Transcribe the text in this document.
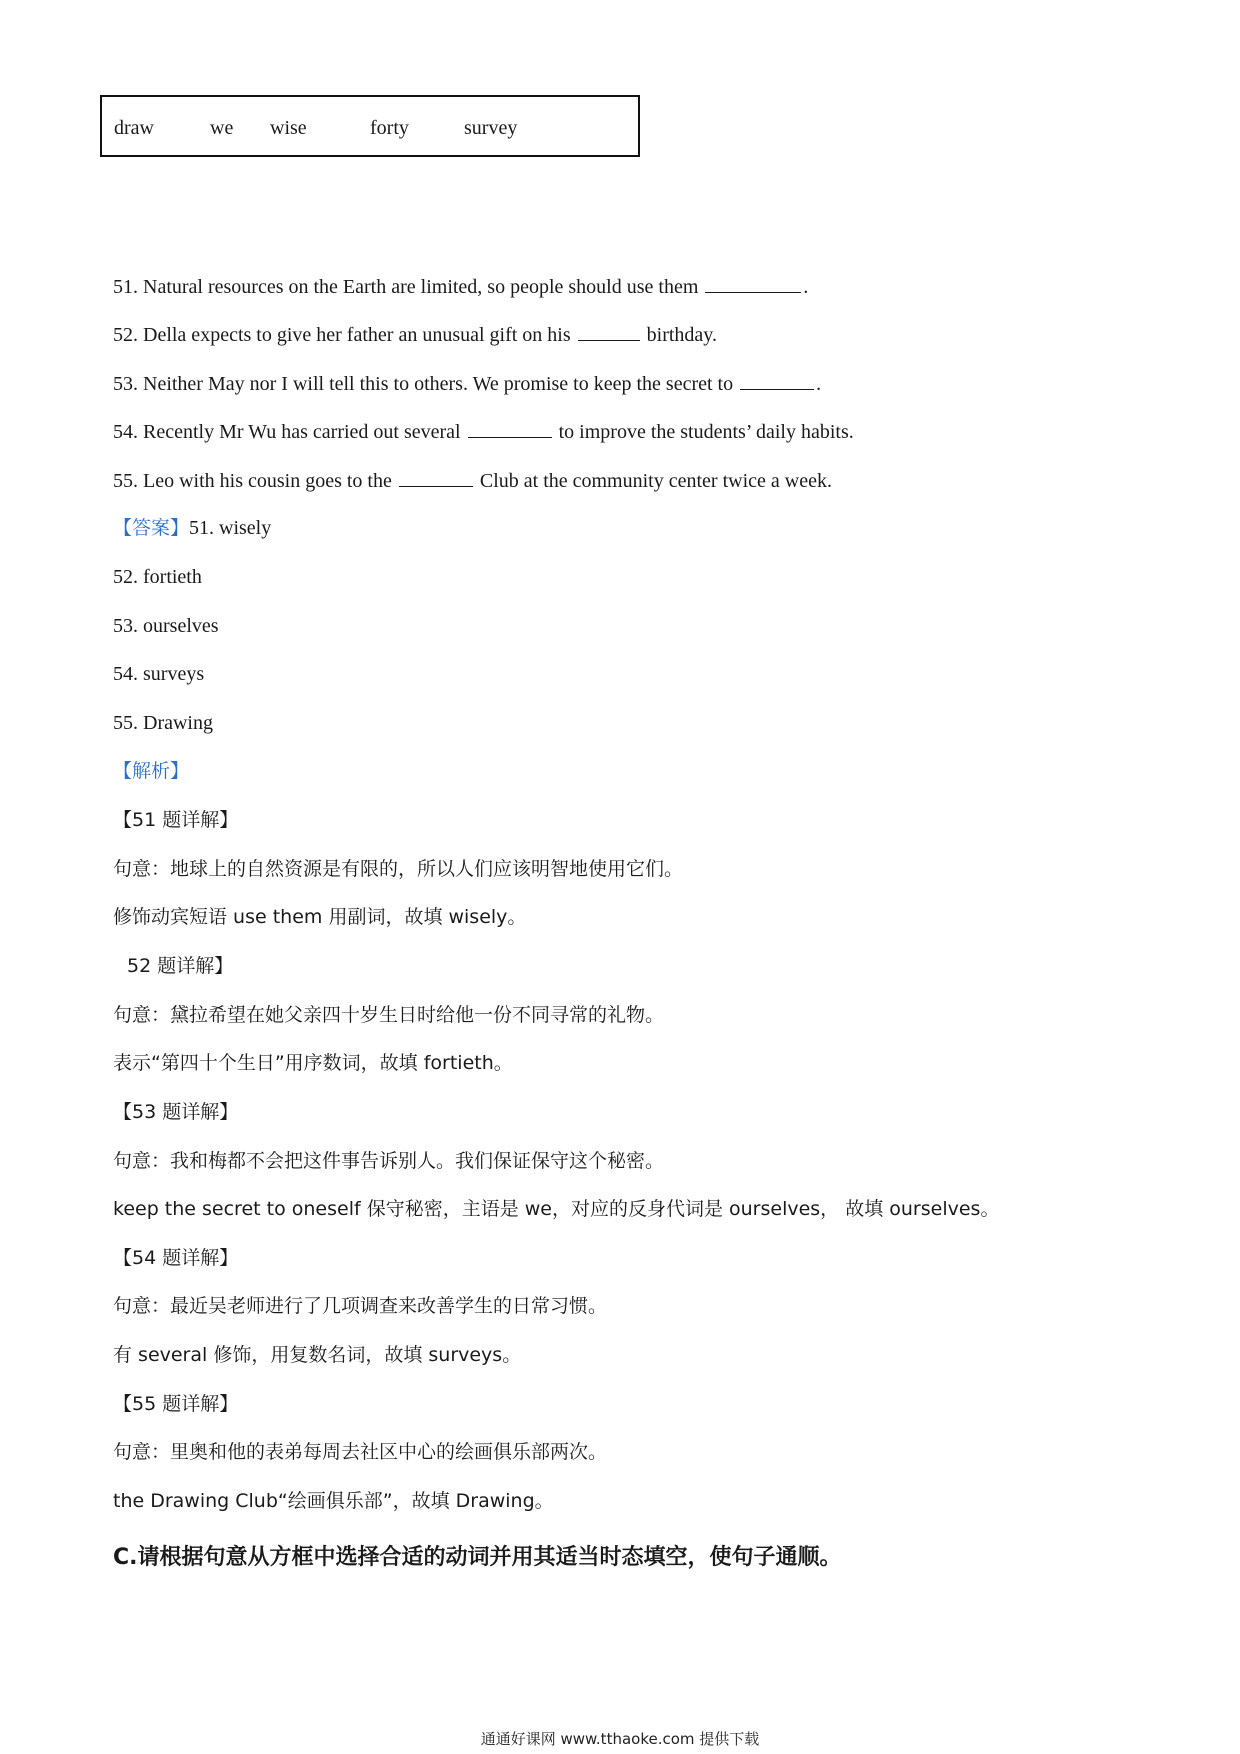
draw	we wise	forty	survey
51. Natural resources on the Earth are limited, so people should use them	.
52. Della expects to give her father an unusual gift on his	birthday.
53. Neither May nor I will tell this to others. We promise to keep the secret to	.
54. Recently Mr Wu has carried out several	to improve the students’ daily habits.
55. Leo with his cousin goes to the	Club at the community center twice a week.
【答案】51. wisely
52. fortieth
53. ourselves
54. surveys
55. Drawing
【解析】
【51 题详解】
句意：地球上的自然资源是有限的，所以人们应该明智地使用它们。
修饰动宾短语 use them 用副词，故填 wisely。
52 题详解】
句意：黛拉希望在她父亲四十岁生日时给他一份不同寻常的礼物。
表示“第四十个生日”用序数词，故填 fortieth。
【53 题详解】
句意：我和梅都不会把这件事告诉别人。我们保证保守这个秘密。
keep the secret to oneself 保守秘密，主语是 we，对应的反身代词是 ourselves， 故填 ourselves。
【54 题详解】
句意：最近吴老师进行了几项调查来改善学生的日常习惯。
有 several 修饰，用复数名词，故填 surveys。
【55 题详解】
句意：里奥和他的表弟每周去社区中心的绘画俱乐部两次。
the Drawing Club“绘画俱乐部”，故填 Drawing。
C.请根据句意从方框中选择合适的动词并用其适当时态填空，使句子通顺。
通通好课网 www.tthaoke.com 提供下载
